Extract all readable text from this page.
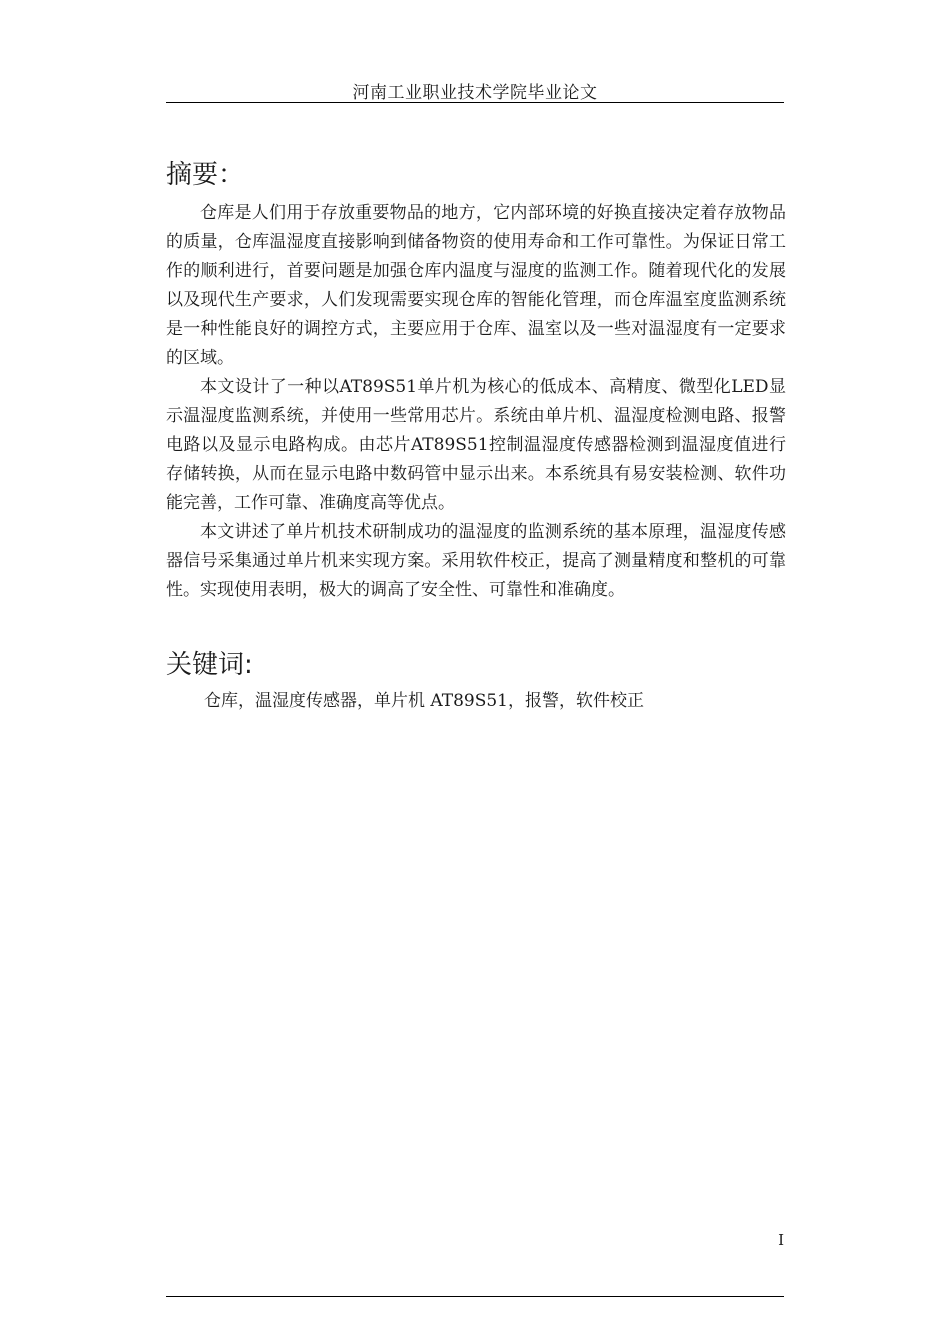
河南工业职业技术学院毕业论文
摘要：

仓库是人们用于存放重要物品的地方，它内部环境的好换直接决定着存放物品的质量，仓库温湿度直接影响到储备物资的使用寿命和工作可靠性。为保证日常工作的顺利进行，首要问题是加强仓库内温度与湿度的监测工作。随着现代化的发展以及现代生产要求，人们发现需要实现仓库的智能化管理，而仓库温室度监测系统是一种性能良好的调控方式，主要应用于仓库、温室以及一些对温湿度有一定要求的区域。

本文设计了一种以AT89S51单片机为核心的低成本、高精度、微型化LED显示温湿度监测系统，并使用一些常用芯片。系统由单片机、温湿度检测电路、报警电路以及显示电路构成。由芯片AT89S51控制温湿度传感器检测到温湿度值进行存储转换，从而在显示电路中数码管中显示出来。本系统具有易安装检测、软件功能完善，工作可靠、准确度高等优点。

本文讲述了单片机技术研制成功的温湿度的监测系统的基本原理，温湿度传感器信号采集通过单片机来实现方案。采用软件校正，提高了测量精度和整机的可靠性。实现使用表明，极大的调高了安全性、可靠性和准确度。

关键词:

仓库，温湿度传感器，单片机 AT89S51，报警，软件校正

I
